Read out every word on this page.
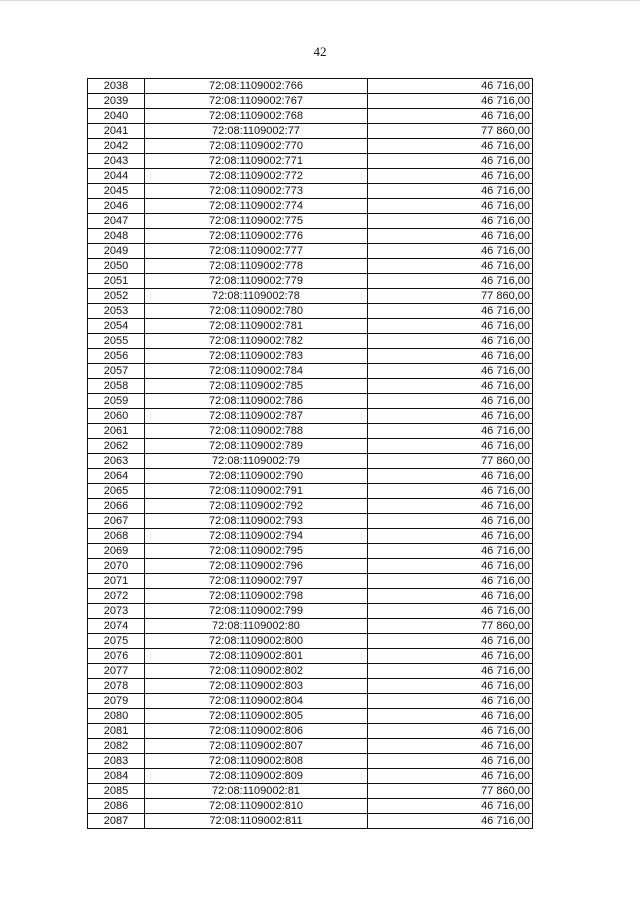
42
2038	72:08:1109002:766	46 716,00
2039	72:08:1109002:767	46 716,00
2040	72:08:1109002:768	46 716,00
2041	72:08:1109002:77	77 860,00
2042	72:08:1109002:770	46 716,00
2043	72:08:1109002:771	46 716,00
2044	72:08:1109002:772	46 716,00
2045	72:08:1109002:773	46 716,00
2046	72:08:1109002:774	46 716,00
2047	72:08:1109002:775	46 716,00
2048	72:08:1109002:776	46 716,00
2049	72:08:1109002:777	46 716,00
2050	72:08:1109002:778	46 716,00
2051	72:08:1109002:779	46 716,00
2052	72:08:1109002:78	77 860,00
2053	72:08:1109002:780	46 716,00
2054	72:08:1109002:781	46 716,00
2055	72:08:1109002:782	46 716,00
2056	72:08:1109002:783	46 716,00
2057	72:08:1109002:784	46 716,00
2058	72:08:1109002:785	46 716,00
2059	72:08:1109002:786	46 716,00
2060	72:08:1109002:787	46 716,00
2061	72:08:1109002:788	46 716,00
2062	72:08:1109002:789	46 716,00
2063	72:08:1109002:79	77 860,00
2064	72:08:1109002:790	46 716,00
2065	72:08:1109002:791	46 716,00
2066	72:08:1109002:792	46 716,00
2067	72:08:1109002:793	46 716,00
2068	72:08:1109002:794	46 716,00
2069	72:08:1109002:795	46 716,00
2070	72:08:1109002:796	46 716,00
2071	72:08:1109002:797	46 716,00
2072	72:08:1109002:798	46 716,00
2073	72:08:1109002:799	46 716,00
2074	72:08:1109002:80	77 860,00
2075	72:08:1109002:800	46 716,00
2076	72:08:1109002:801	46 716,00
2077	72:08:1109002:802	46 716,00
2078	72:08:1109002:803	46 716,00
2079	72:08:1109002:804	46 716,00
2080	72:08:1109002:805	46 716,00
2081	72:08:1109002:806	46 716,00
2082	72:08:1109002:807	46 716,00
2083	72:08:1109002:808	46 716,00
2084	72:08:1109002:809	46 716,00
2085	72:08:1109002:81	77 860,00
2086	72:08:1109002:810	46 716,00
2087	72:08:1109002:811	46 716,00
